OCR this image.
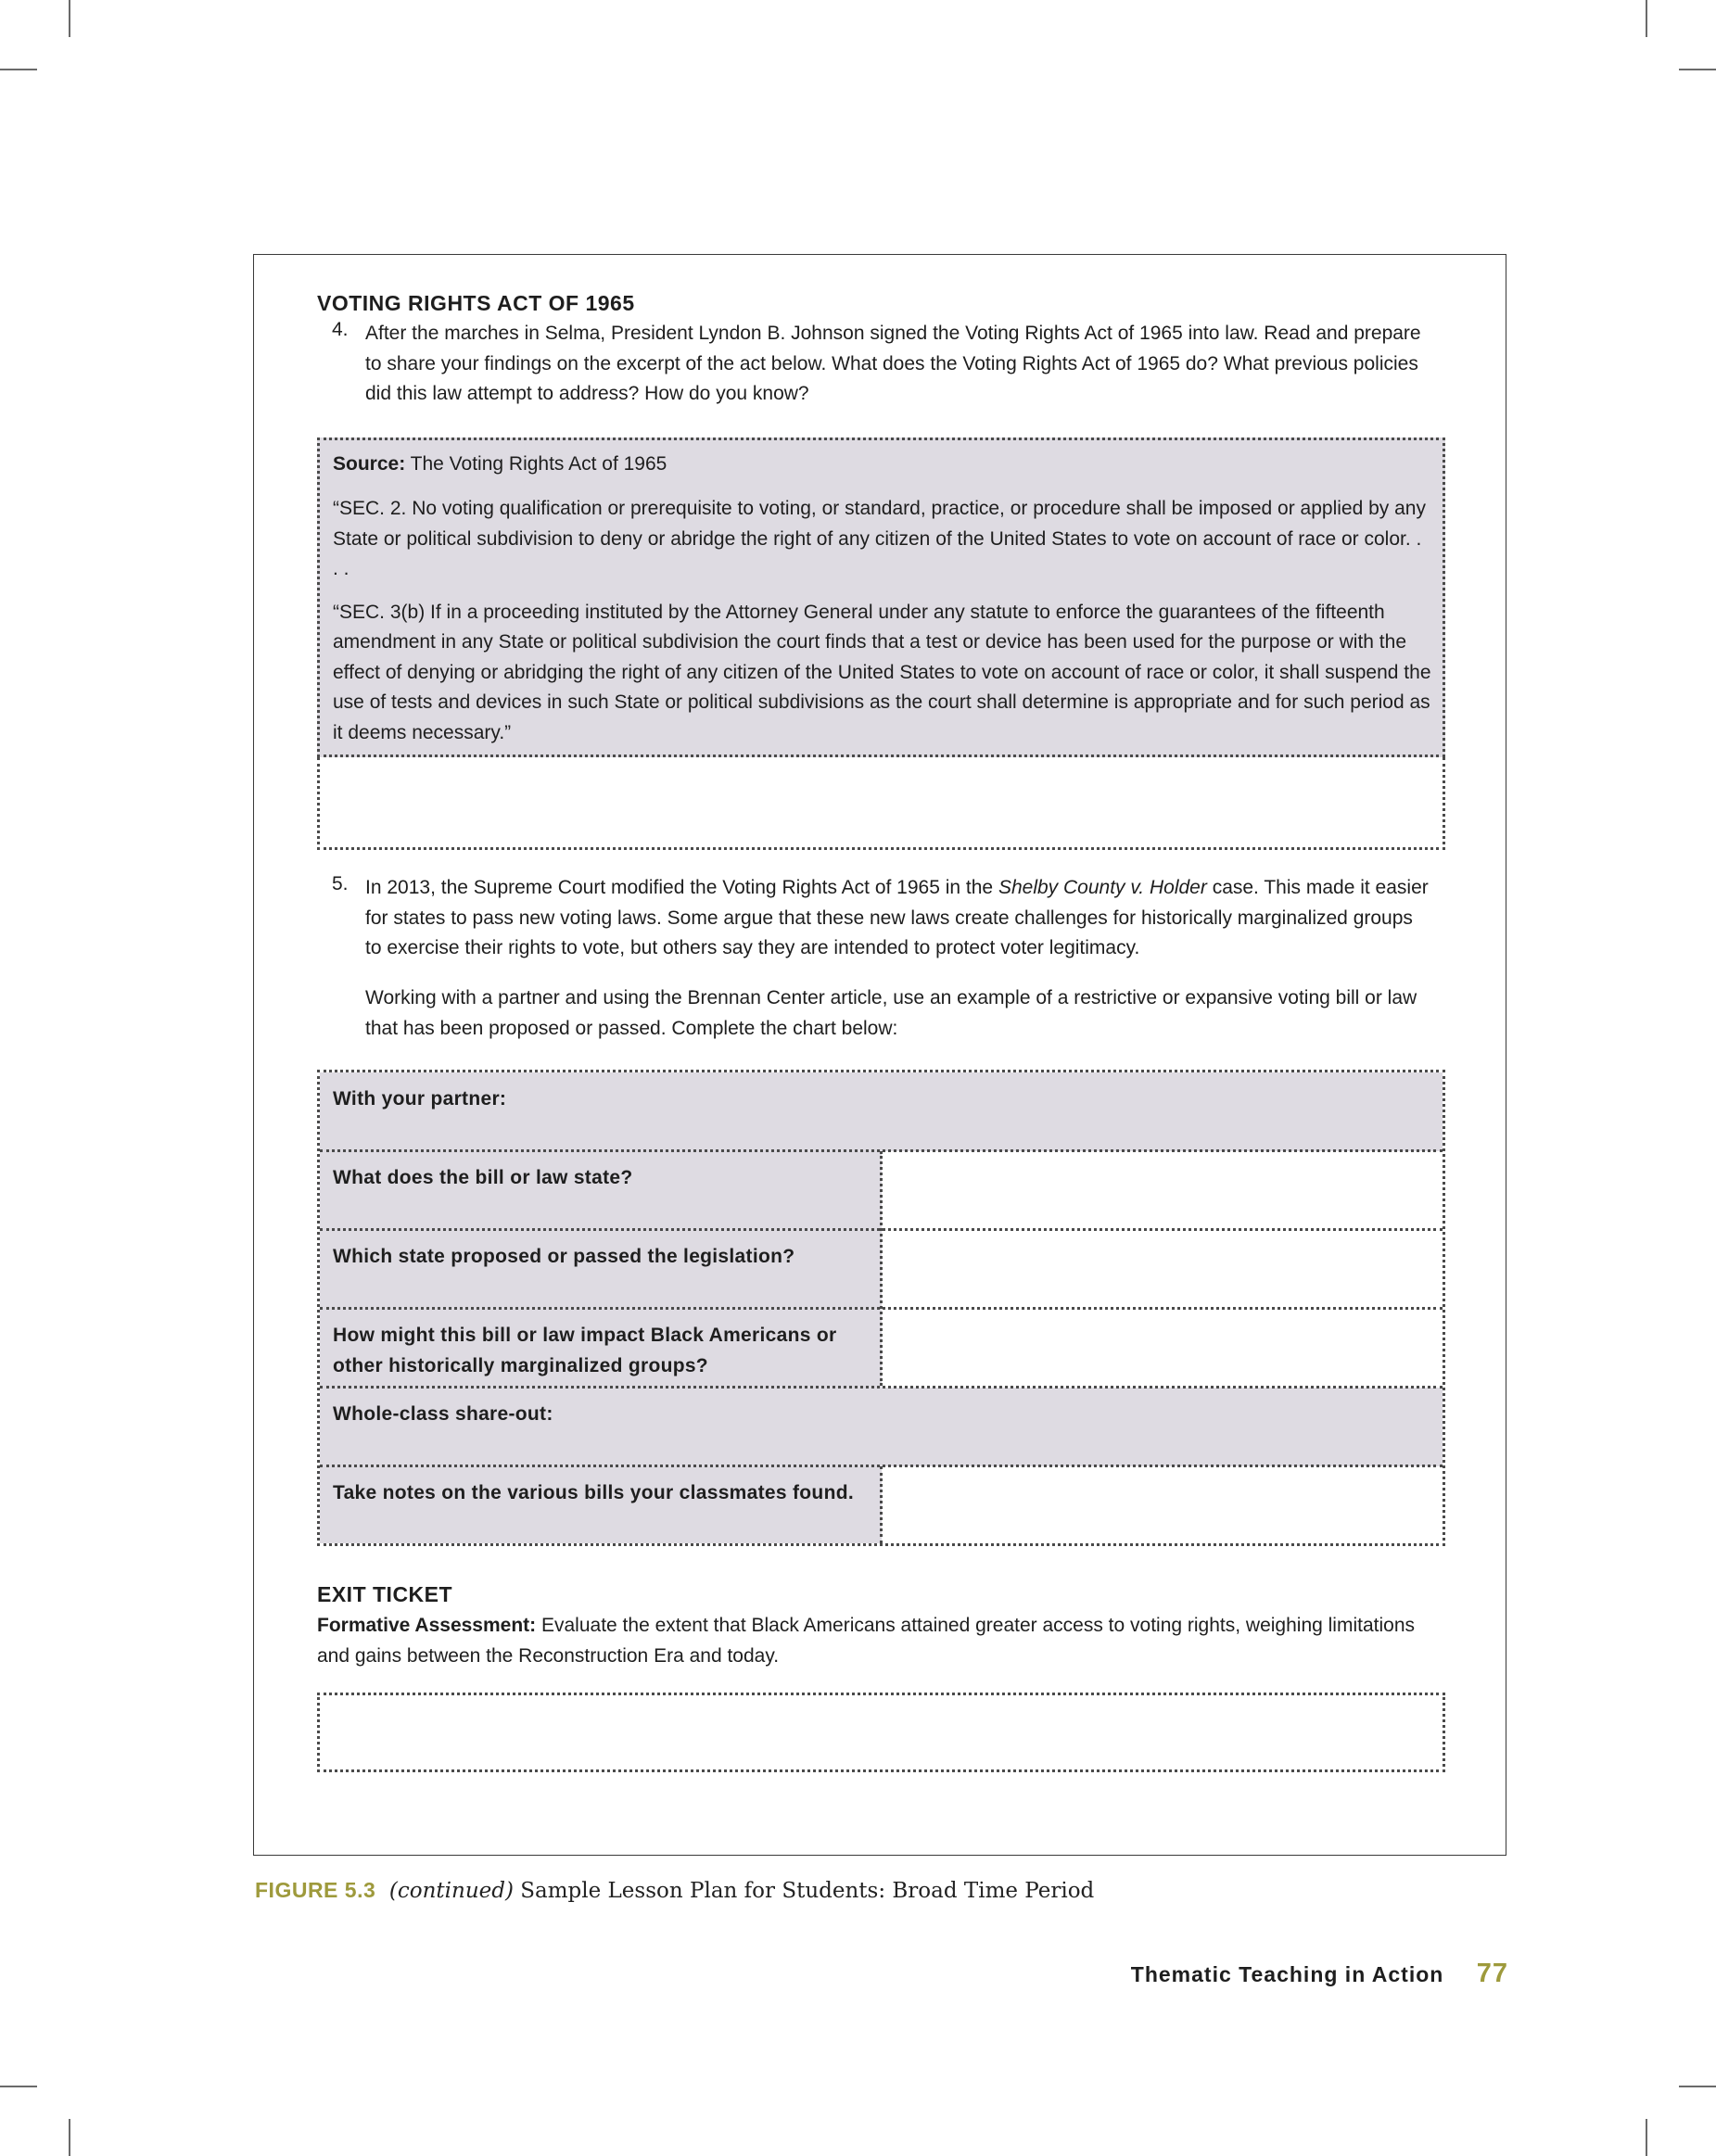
VOTING RIGHTS ACT OF 1965
4. After the marches in Selma, President Lyndon B. Johnson signed the Voting Rights Act of 1965 into law. Read and prepare to share your findings on the excerpt of the act below. What does the Voting Rights Act of 1965 do? What previous policies did this law attempt to address? How do you know?
Source: The Voting Rights Act of 1965
“SEC. 2. No voting qualification or prerequisite to voting, or standard, practice, or procedure shall be imposed or applied by any State or political subdivision to deny or abridge the right of any citizen of the United States to vote on account of race or color. . . .
“SEC. 3(b) If in a proceeding instituted by the Attorney General under any statute to enforce the guarantees of the fifteenth amendment in any State or political subdivision the court finds that a test or device has been used for the purpose or with the effect of denying or abridging the right of any citizen of the United States to vote on account of race or color, it shall suspend the use of tests and devices in such State or political subdivisions as the court shall determine is appropriate and for such period as it deems necessary.”
5. In 2013, the Supreme Court modified the Voting Rights Act of 1965 in the Shelby County v. Holder case. This made it easier for states to pass new voting laws. Some argue that these new laws create challenges for historically marginalized groups to exercise their rights to vote, but others say they are intended to protect voter legitimacy.
Working with a partner and using the Brennan Center article, use an example of a restrictive or expansive voting bill or law that has been proposed or passed. Complete the chart below:
With your partner:
What does the bill or law state?
Which state proposed or passed the legislation?
How might this bill or law impact Black Americans or other historically marginalized groups?
Whole-class share-out:
Take notes on the various bills your classmates found.
EXIT TICKET
Formative Assessment: Evaluate the extent that Black Americans attained greater access to voting rights, weighing limitations and gains between the Reconstruction Era and today.
FIGURE 5.3 (continued) Sample Lesson Plan for Students: Broad Time Period
Thematic Teaching in Action 77
